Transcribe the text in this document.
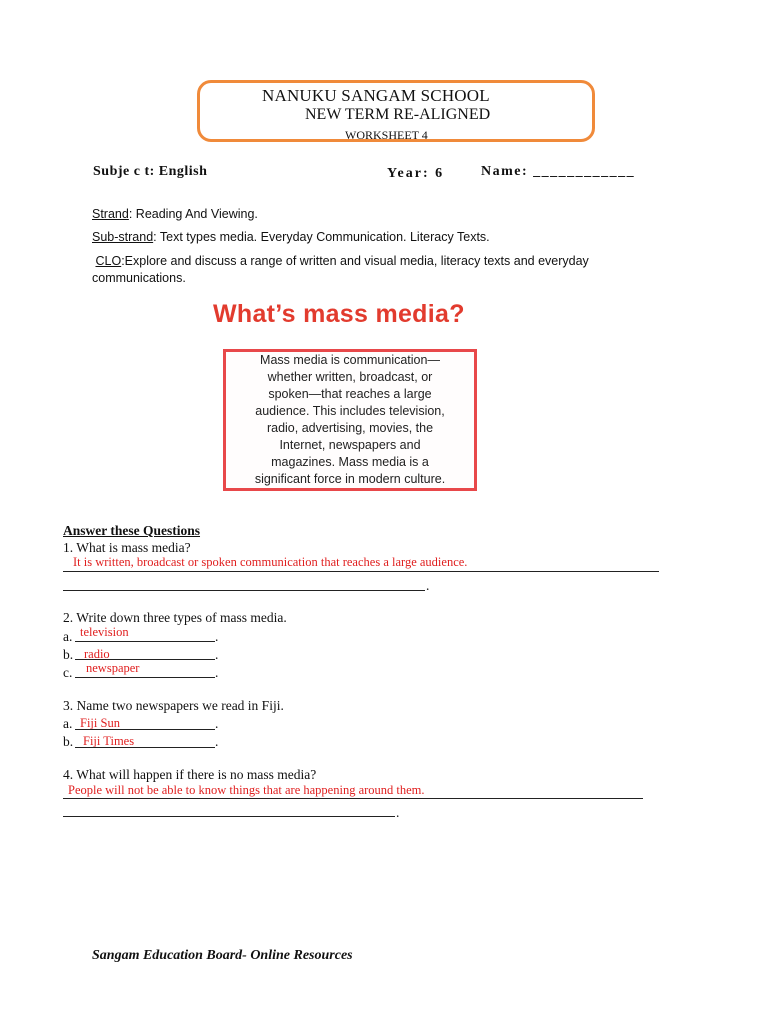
NANUKU SANGAM SCHOOL
NEW TERM RE-ALIGNED
WORKSHEET 4
Subje c t: English	Year: 6	Name: ____________
Strand: Reading And Viewing.
Sub-strand: Text types media. Everyday Communication. Literacy Texts.
CLO:Explore and discuss a range of written and visual media, literacy texts and everyday communications.
What’s mass media?
Mass media is communication—
whether written, broadcast, or
spoken—that reaches a large
audience. This includes television,
radio, advertising, movies, the
Internet, newspapers and
magazines. Mass media is a
significant force in modern culture.
Answer these Questions
1. What is mass media?
It is written, broadcast or spoken communication that reaches a large audience.
.
2. Write down three types of mass media.
a. television	.
b. radio	.
c. newspaper	.
3. Name two newspapers we read in Fiji.
a. Fiji Sun	.
b. Fiji Times	.
4. What will happen if there is no mass media?
People will not be able to know things that are happening around them.
.
Sangam Education Board- Online Resources
